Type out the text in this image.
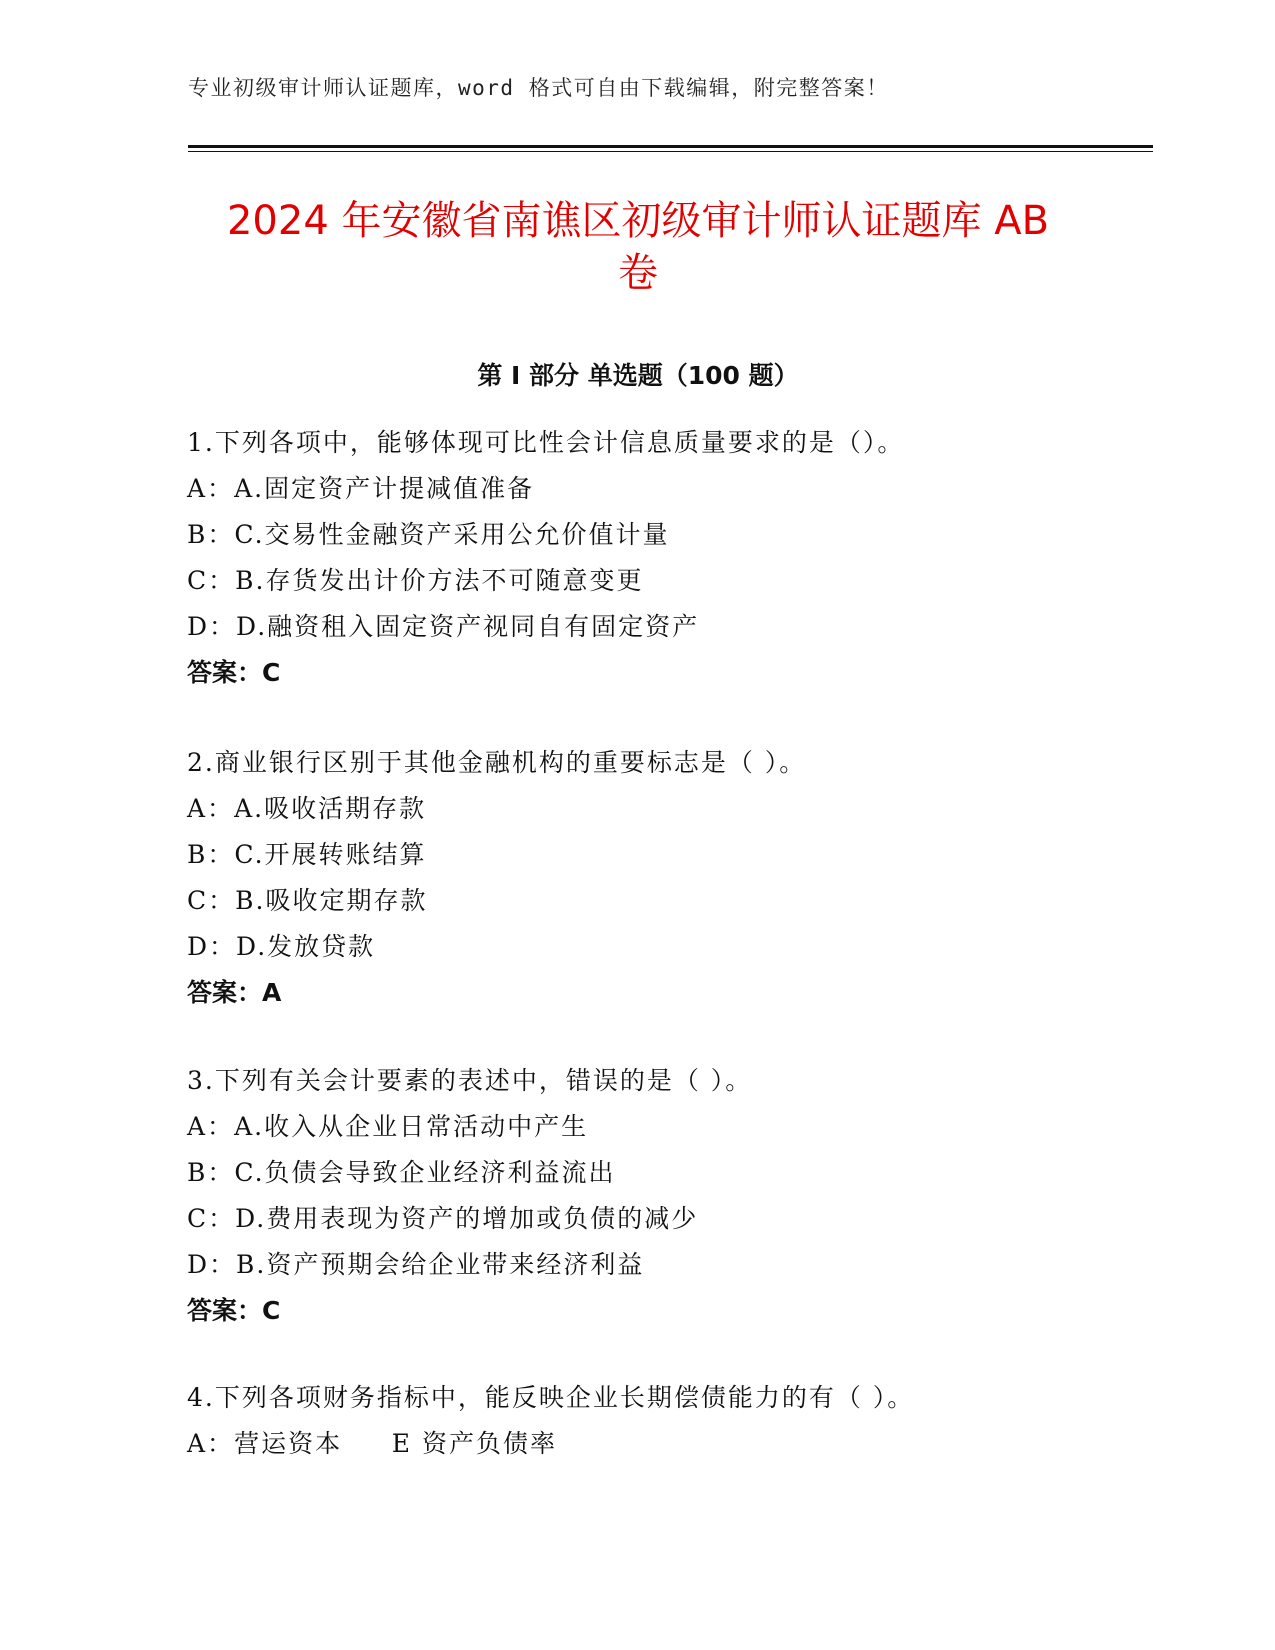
专业初级审计师认证题库，word 格式可自由下载编辑，附完整答案！
2024 年安徽省南谯区初级审计师认证题库 AB
卷
第 I 部分 单选题（100 题）
1.下列各项中，能够体现可比性会计信息质量要求的是（）。
A：A.固定资产计提减值准备
B：C.交易性金融资产采用公允价值计量
C：B.存货发出计价方法不可随意变更
D：D.融资租入固定资产视同自有固定资产
答案：C
2.商业银行区别于其他金融机构的重要标志是（ ）。
A：A.吸收活期存款
B：C.开展转账结算
C：B.吸收定期存款
D：D.发放贷款
答案：A
3.下列有关会计要素的表述中，错误的是（ ）。
A：A.收入从企业日常活动中产生
B：C.负债会导致企业经济利益流出
C：D.费用表现为资产的增加或负债的减少
D：B.资产预期会给企业带来经济利益
答案：C
4.下列各项财务指标中，能反映企业长期偿债能力的有（ ）。
A：营运资本     E 资产负债率
